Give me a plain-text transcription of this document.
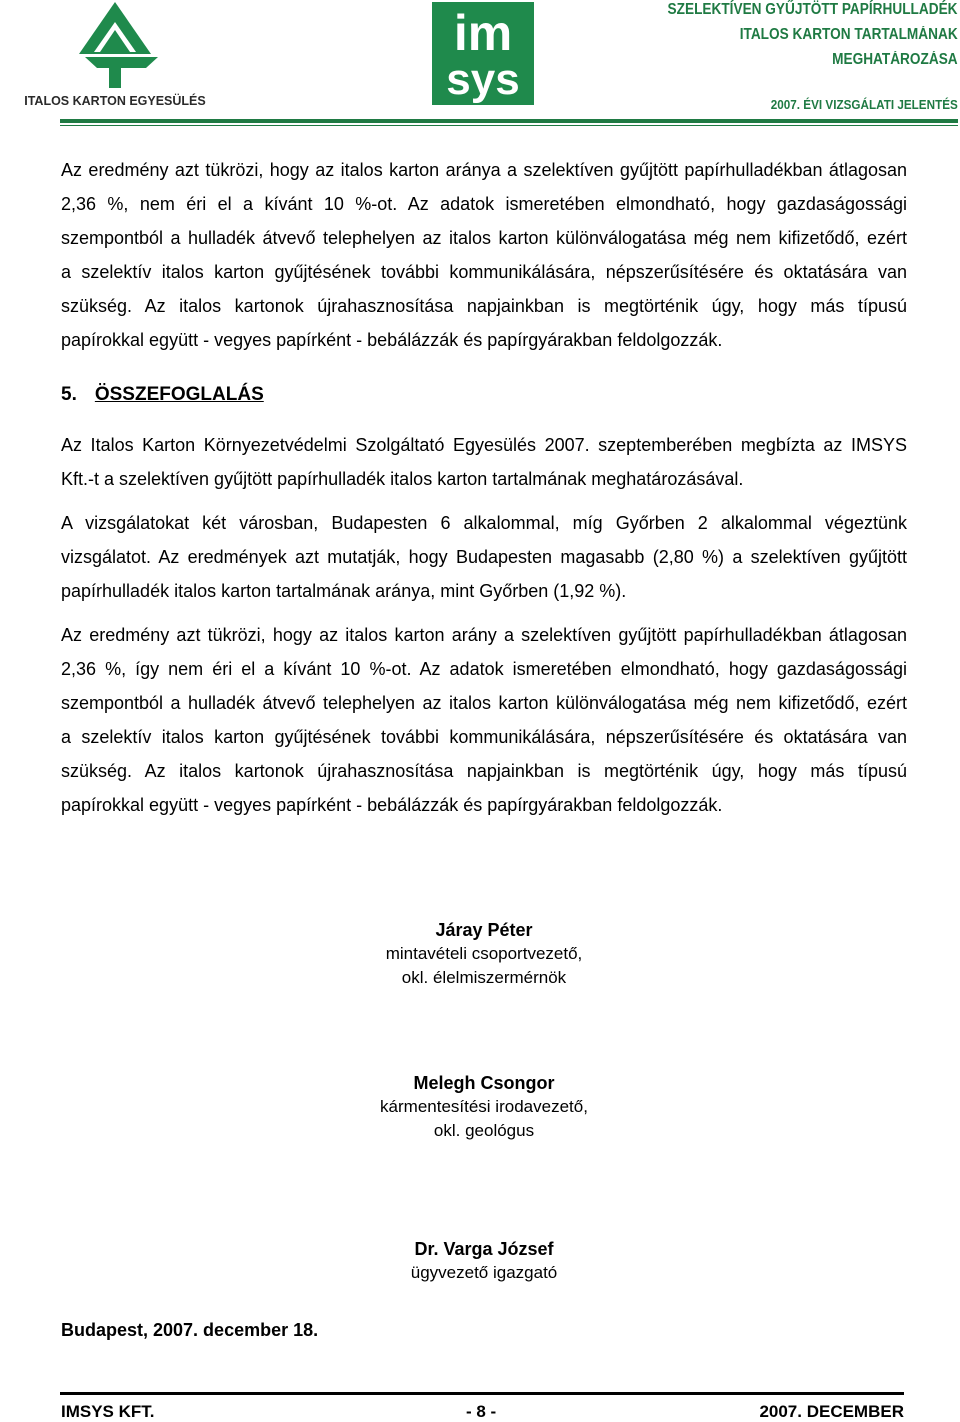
ITALOS KARTON EGYESÜLÉS
im
sys
SZELEKTÍVEN GYŰJTÖTT PAPÍRHULLADÉK
ITALOS KARTON TARTALMÁNAK
MEGHATÁROZÁSA
2007. ÉVI VIZSGÁLATI JELENTÉS
Az eredmény azt tükrözi, hogy az italos karton aránya a szelektíven gyűjtött papírhulladékban átlagosan
2,36 %, nem éri el a kívánt 10 %-ot. Az adatok ismeretében elmondható, hogy gazdaságossági
szempontból a hulladék átvevő telephelyen az italos karton különválogatása még nem kifizetődő, ezért
a szelektív italos karton gyűjtésének további kommunikálására, népszerűsítésére és oktatására van
szükség. Az italos kartonok újrahasznosítása napjainkban is megtörténik úgy, hogy más típusú
papírokkal együtt - vegyes papírként - bebálázzák és papírgyárakban feldolgozzák.
5. ÖSSZEFOGLALÁS
Az Italos Karton Környezetvédelmi Szolgáltató Egyesülés 2007. szeptemberében megbízta az IMSYS
Kft.-t a szelektíven gyűjtött papírhulladék italos karton tartalmának meghatározásával.
A vizsgálatokat két városban, Budapesten 6 alkalommal, míg Győrben 2 alkalommal végeztünk
vizsgálatot. Az eredmények azt mutatják, hogy Budapesten magasabb (2,80 %) a szelektíven gyűjtött
papírhulladék italos karton tartalmának aránya, mint Győrben (1,92 %).
Az eredmény azt tükrözi, hogy az italos karton arány a szelektíven gyűjtött papírhulladékban átlagosan
2,36 %, így nem éri el a kívánt 10 %-ot. Az adatok ismeretében elmondható, hogy gazdaságossági
szempontból a hulladék átvevő telephelyen az italos karton különválogatása még nem kifizetődő, ezért
a szelektív italos karton gyűjtésének további kommunikálására, népszerűsítésére és oktatására van
szükség. Az italos kartonok újrahasznosítása napjainkban is megtörténik úgy, hogy más típusú
papírokkal együtt - vegyes papírként - bebálázzák és papírgyárakban feldolgozzák.
Járay Péter
mintavételi csoportvezető,
okl. élelmiszermérnök
Melegh Csongor
kármentesítési irodavezető,
okl. geológus
Dr. Varga József
ügyvezető igazgató
Budapest, 2007. december 18.
IMSYS KFT.	- 8 -	2007. DECEMBER
